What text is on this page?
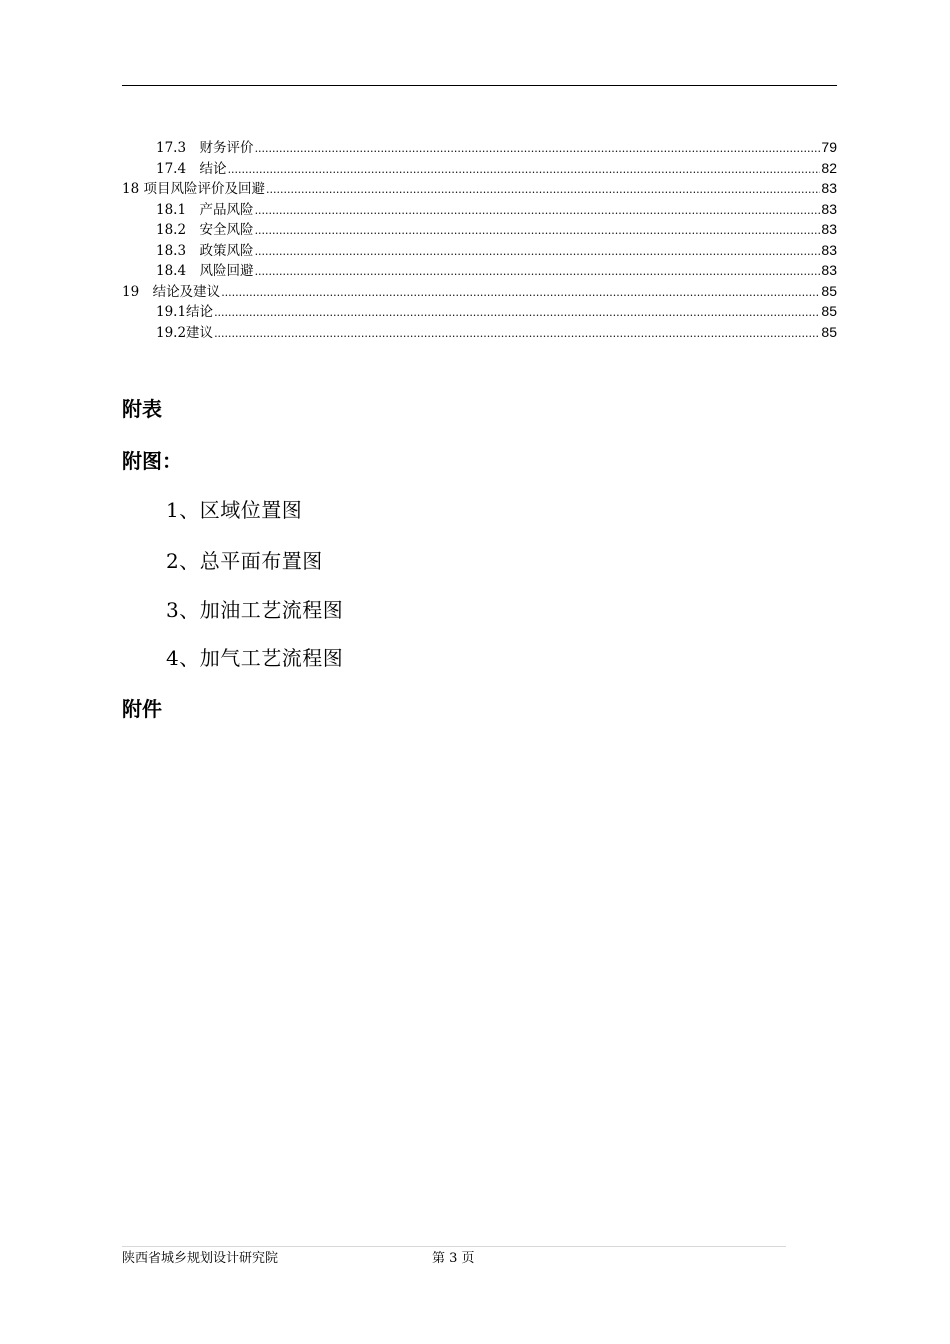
17.3　财务评价 .....	79
17.4　结论 .....	82
18 项目风险评价及回避 .....	83
18.1　产品风险 .....	83
18.2　安全风险 .....	83
18.3　政策风险 .....	83
18.4　风险回避 .....	83
19　结论及建议 .....	85
19.1结论 .....	85
19.2建议 .....	85
附表
附图：
1、区域位置图
2、总平面布置图
3、加油工艺流程图
4、加气工艺流程图
附件
陕西省城乡规划设计研究院	第 3 页
